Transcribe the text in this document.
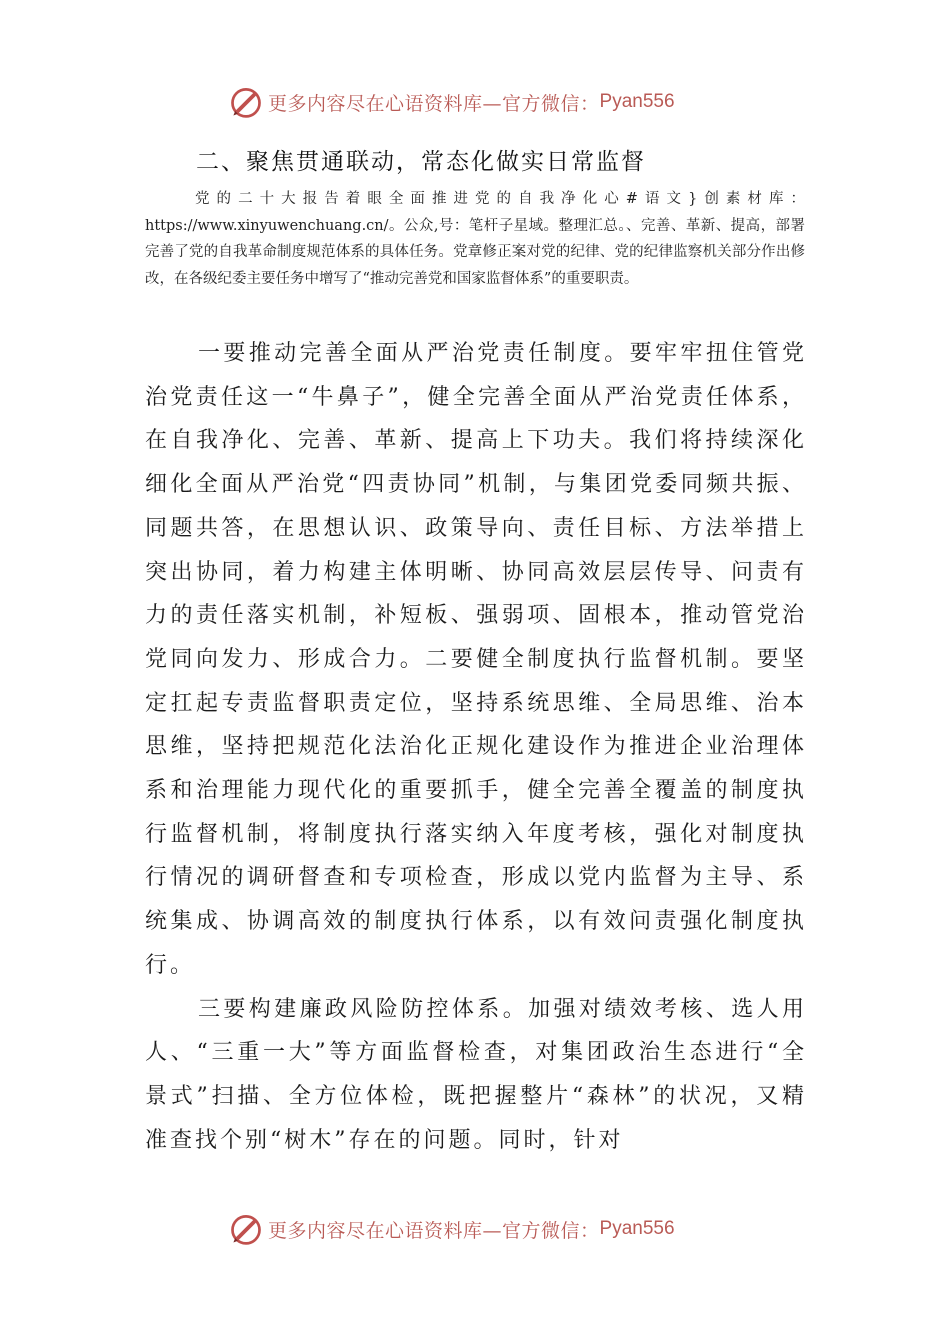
更多内容尽在心语资料库—官方微信： Pyan556
二、聚焦贯通联动，常态化做实日常监督

党的二十大报告着眼全面推进党的自我净化心#语文}创素材库：https://www.xinyuwenchuang.cn/。公众,号：笔杆子星域。整理汇总。、完善、革新、提高，部署完善了党的自我革命制度规范体系的具体任务。党章修正案对党的纪律、党的纪律监察机关部分作出修改，在各级纪委主要任务中增写了“推动完善党和国家监督体系”的重要职责。

一要推动完善全面从严治党责任制度。要牢牢扭住管党治党责任这一“牛鼻子”，健全完善全面从严治党责任体系，在自我净化、完善、革新、提高上下功夫。我们将持续深化细化全面从严治党“四责协同”机制，与集团党委同频共振、同题共答，在思想认识、政策导向、责任目标、方法举措上突出协同，着力构建主体明晰、协同高效层层传导、问责有力的责任落实机制，补短板、强弱项、固根本，推动管党治党同向发力、形成合力。二要健全制度执行监督机制。要坚定扛起专责监督职责定位，坚持系统思维、全局思维、治本思维，坚持把规范化法治化正规化建设作为推进企业治理体系和治理能力现代化的重要抓手，健全完善全覆盖的制度执行监督机制，将制度执行落实纳入年度考核，强化对制度执行情况的调研督查和专项检查，形成以党内监督为主导、系统集成、协调高效的制度执行体系，以有效问责强化制度执行。

三要构建廉政风险防控体系。加强对绩效考核、选人用人、“三重一大”等方面监督检查，对集团政治生态进行“全景式”扫描、全方位体检，既把握整片“森林”的状况，又精准查找个别“树木”存在的问题。同时，针对

更多内容尽在心语资料库—官方微信： Pyan556
